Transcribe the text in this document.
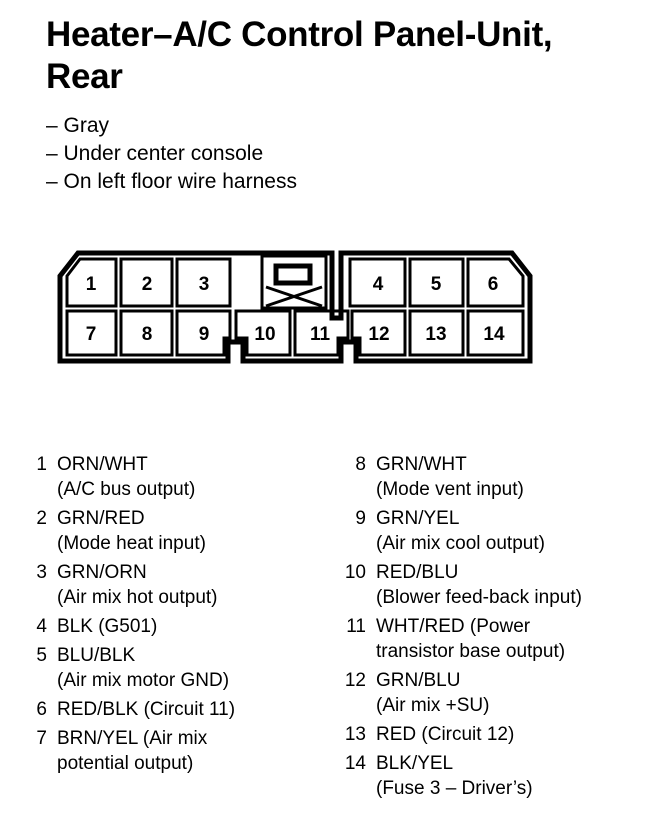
Heater–A/C Control Panel-Unit,
Rear
– Gray
– Under center console
– On left floor wire harness
1 2 3	4 5 6
7 8 9 10 11 12 13 14
1 ORN/WHT
(A/C bus output)
2 GRN/RED
(Mode heat input)
3 GRN/ORN
(Air mix hot output)
4 BLK (G501)
5 BLU/BLK
(Air mix motor GND)
6 RED/BLK (Circuit 11)
7 BRN/YEL (Air mix
potential output)
8 GRN/WHT
(Mode vent input)
9 GRN/YEL
(Air mix cool output)
10 RED/BLU
(Blower feed-back input)
11 WHT/RED (Power
transistor base output)
12 GRN/BLU
(Air mix +SU)
13 RED (Circuit 12)
14 BLK/YEL
(Fuse 3 – Driver’s)
